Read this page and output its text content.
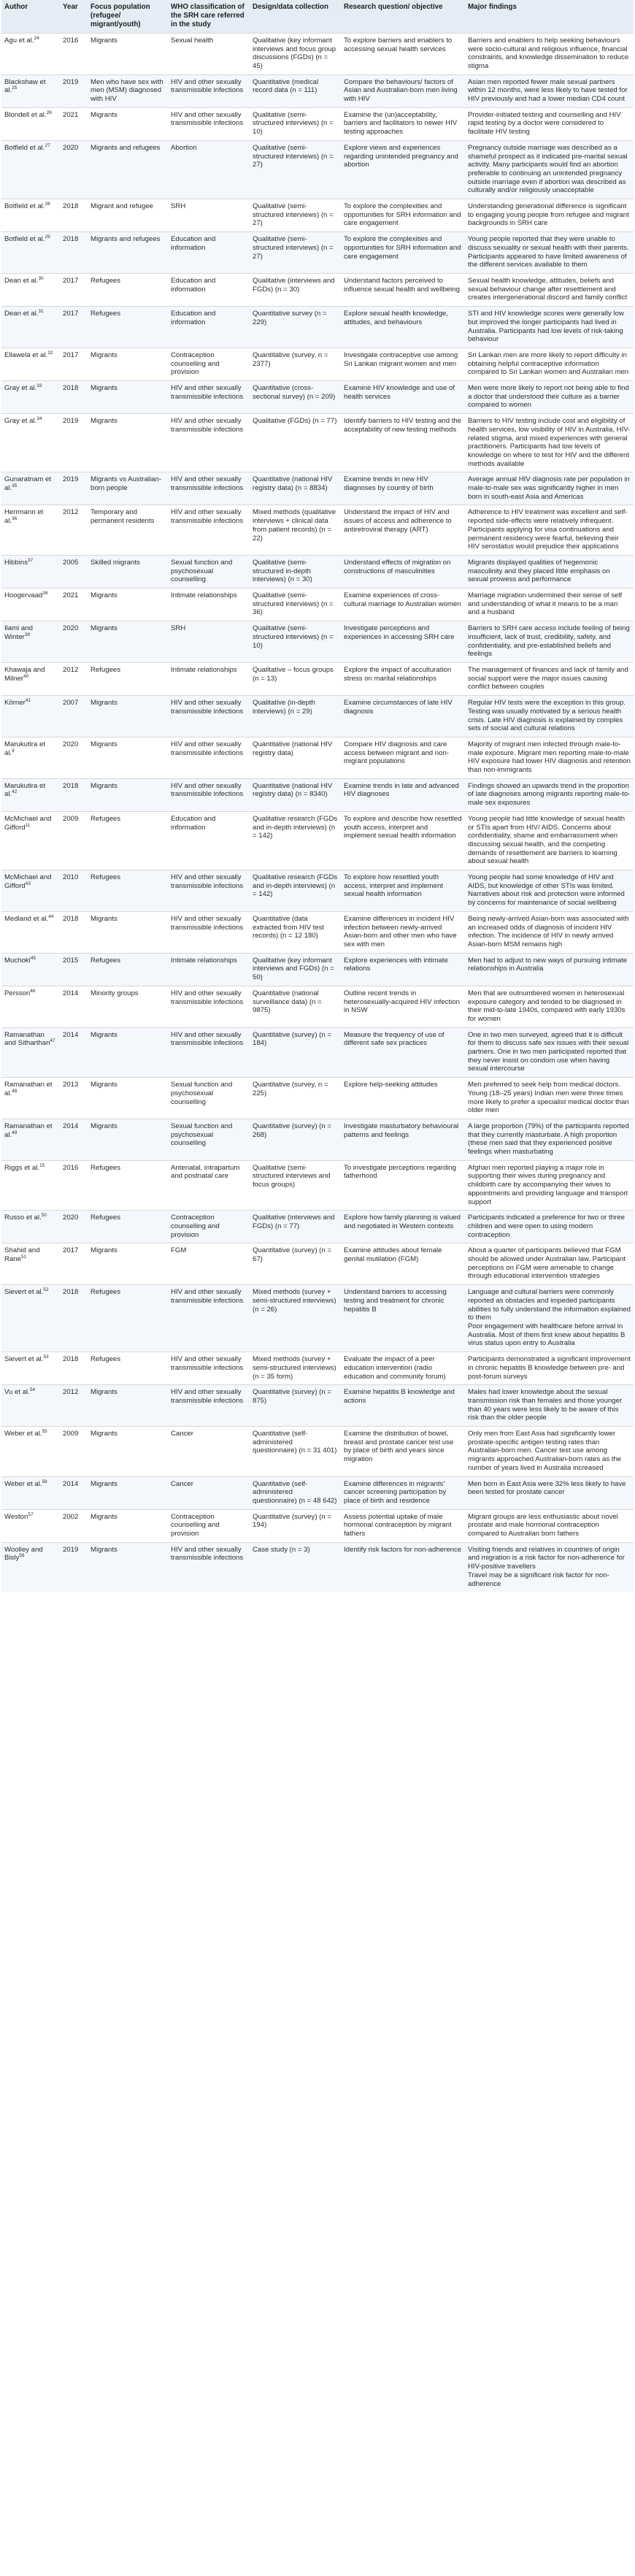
Author	Year	Focus population (refugee/ migrant/youth)	WHO classification of the SRH care referred in the study	Design/data collection	Research question/ objective	Major findings
Agu et al.$^{24}$	2016	Migrants	Sexual health	Qualitative (key informant interviews and focus group discussions (FGDs) (n = 45)	To explore barriers and enablers to accessing sexual health services	Barriers and enablers to help seeking behaviours were socio-cultural and religious influence, financial constraints, and knowledge dissemination to reduce stigma
Blackshaw et al.$^{25}$	2019	Men who have sex with men (MSM) diagnosed with HIV	HIV and other sexually transmissible infections	Quantitative (medical record data (n = 111)	Compare the behaviours/ factors of Asian and Australian-born men living with HIV	Asian men reported fewer male sexual partners within 12 months, were less likely to have tested for HIV previously and had a lower median CD4 count
Blondell et al.$^{26}$	2021	Migrants	HIV and other sexually transmissible infections	Qualitative (semi-structured interviews) (n = 10)	Examine the (un)acceptability, barriers and facilitators to newer HIV testing approaches	Provider-initiated testing and counselling and HIV rapid testing by a doctor were considered to facilitate HIV testing
Botfield et al.$^{27}$	2020	Migrants and refugees	Abortion	Qualitative (semi-structured interviews) (n = 27)	Explore views and experiences regarding unintended pregnancy and abortion	Pregnancy outside marriage was described as a shameful prospect as it indicated pre-marital sexual activity. Many participants would find an abortion preferable to continuing an unintended pregnancy outside marriage even if abortion was described as culturally and/or religiously unacceptable
Botfield et al.$^{28}$	2018	Migrant and refugee	SRH	Qualitative (semi-structured interviews) (n = 27)	To explore the complexities and opportunities for SRH information and care engagement	Understanding generational difference is significant to engaging young people from refugee and migrant backgrounds in SRH care
Botfield et al.$^{29}$	2018	Migrants and refugees	Education and information	Qualitative (semi-structured interviews) (n = 27)	To explore the complexities and opportunities for SRH information and care engagement	Young people reported that they were unable to discuss sexuality or sexual health with their parents. Participants appeared to have limited awareness of the different services available to them
Dean et al.$^{30}$	2017	Refugees	Education and information	Qualitative (interviews and FGDs) (n = 30)	Understand factors perceived to influence sexual health and wellbeing	Sexual health knowledge, attitudes, beliefs and sexual behaviour change after resettlement and creates intergenerational discord and family conflict
Dean et al.$^{31}$	2017	Refugees	Education and information	Quantitative survey (n = 229)	Explore sexual health knowledge, attitudes, and behaviours	STI and HIV knowledge scores were generally low but improved the longer participants had lived in Australia. Participants had low levels of risk-taking behaviour
Ellawela et al.$^{32}$	2017	Migrants	Contraception counselling and provision	Quantitative (survey, n = 2377)	Investigate contraceptive use among Sri Lankan migrant women and men	Sri Lankan men are more likely to report difficulty in obtaining helpful contraceptive information compared to Sri Lankan women and Australian men
Gray et al.$^{33}$	2018	Migrants	HIV and other sexually transmissible infections	Quantitative (cross-sectional survey) (n = 209)	Examine HIV knowledge and use of health services	Men were more likely to report not being able to find a doctor that understood their culture as a barrier compared to women
Gray et al.$^{34}$	2019	Migrants	HIV and other sexually transmissible infections	Qualitative (FGDs) (n = 77)	Identify barriers to HIV testing and the acceptability of new testing methods	Barriers to HIV testing include cost and eligibility of health services, low visibility of HIV in Australia, HIV-related stigma, and mixed experiences with general practitioners. Participants had low levels of knowledge on where to test for HIV and the different methods available
Gunaratnam et al.$^{35}$	2019	Migrants vs Australian-born people	HIV and other sexually transmissible infections	Quantitative (national HIV registry data) (n = 8834)	Examine trends in new HIV diagnoses by country of birth	Average annual HIV diagnosis rate per population in male-to-male sex was significantly higher in men born in south-east Asia and Americas
Herrmann et al.$^{36}$	2012	Temporary and permanent residents	HIV and other sexually transmissible infections	Mixed methods (qualitative interviews + clinical data from patient records) (n = 22)	Understand the impact of HIV and issues of access and adherence to antiretroviral therapy (ART)	Adherence to HIV treatment was excellent and self-reported side-effects were relatively infrequent. Participants applying for visa continuations and permanent residency were fearful, believing their HIV serostatus would prejudice their applications
Hibbins$^{37}$	2005	Skilled migrants	Sexual function and psychosexual counselling	Qualitative (semi-structured in-depth interviews) (n = 30)	Understand effects of migration on constructions of masculinities	Migrants displayed qualities of hegemonic masculinity and they placed little emphasis on sexual prowess and performance
Hoogervaad$^{38}$	2021	Migrants	Intimate relationships	Qualitative (semi-structured interviews) (n = 36)	Examine experiences of cross-cultural marriage to Australian women	Marriage migration undermined their sense of self and understanding of what it means to be a man and a husband
Ilami and Winter$^{39}$	2020	Migrants	SRH	Qualitative (semi-structured interviews) (n = 10)	Investigate perceptions and experiences in accessing SRH care	Barriers to SRH care access include feeling of being insufficient, lack of trust, credibility, safety, and confidentiality, and pre-established beliefs and feelings
Khawaja and Milner$^{40}$	2012	Refugees	Intimate relationships	Qualitative – focus groups (n = 13)	Explore the impact of acculturation stress on marital relationships	The management of finances and lack of family and social support were the major issues causing conflict between couples
Körner$^{41}$	2007	Migrants	HIV and other sexually transmissible infections	Qualitative (in-depth interviews) (n = 29)	Examine circumstances of late HIV diagnosis	Regular HIV tests were the exception in this group. Testing was usually motivated by a serious health crisis. Late HIV diagnosis is explained by complex sets of social and cultural relations
Marukutira et al.$^9$	2020	Migrants	HIV and other sexually transmissible infections	Quantitative (national HIV registry data)	Compare HIV diagnosis and care access between migrant and non-migrant populations	Majority of migrant men infected through male-to-male exposure. Migrant men reporting male-to-male HIV exposure had lower HIV diagnosis and retention than non-immigrants
Marukutira et al.$^{42}$	2018	Migrants	HIV and other sexually transmissible infections	Quantitative (national HIV registry data) (n = 8340)	Examine trends in late and advanced HIV diagnoses	Findings showed an upwards trend in the proportion of late diagnoses among migrants reporting male-to-male sex exposures
McMichael and Gifford$^{11}$	2009	Refugees	Education and information	Qualitative research (FGDs and in-depth interviews) (n = 142)	To explore and describe how resettled youth access, interpret and implement sexual health information	Young people had little knowledge of sexual health or STIs apart from HIV/ AIDS. Concerns about confidentiality, shame and embarrassment when discussing sexual health, and the competing demands of resettlement are barriers to learning about sexual health
McMichael and Gifford$^{43}$	2010	Refugees	HIV and other sexually transmissible infections	Qualitative research (FGDs and in-depth interviews) (n = 142)	To explore how resettled youth access, interpret and implement sexual health information	Young people had some knowledge of HIV and AIDS, but knowledge of other STIs was limited. Narratives about risk and protection were informed by concerns for maintenance of social wellbeing
Medland et al.$^{44}$	2018	Migrants	HIV and other sexually transmissible infections	Quantitative (data extracted from HIV test records) (n = 12 180)	Examine differences in incident HIV infection between newly-arrived Asian-born and other men who have sex with men	Being newly-arrived Asian-born was associated with an increased odds of diagnosis of incident HIV infection. The incidence of HIV in newly arrived Asian-born MSM remains high
Muchoki$^{45}$	2015	Refugees	Intimate relationships	Qualitative (key informant interviews and FGDs) (n = 50)	Explore experiences with intimate relations	Men had to adjust to new ways of pursuing intimate relationships in Australia
Persson$^{46}$	2014	Minority groups	HIV and other sexually transmissible infections	Quantitative (national surveillance data) (n = 9875)	Outline recent trends in heterosexually-acquired HIV infection in NSW	Men that are outnumbered women in heterosexual exposure category and tended to be diagnosed in their mid-to-late 1940s, compared with early 1930s for women
Ramanathan and Sitharthan$^{47}$	2014	Migrants	HIV and other sexually transmissible infections	Quantitative (survey) (n = 184)	Measure the frequency of use of different safe sex practices	One in two men surveyed, agreed that it is difficult for them to discuss safe sex issues with their sexual partners. One in two men participated reported that they never insist on condom use when having sexual intercourse
Ramanathan et al.$^{48}$	2013	Migrants	Sexual function and psychosexual counselling	Quantitative (survey, n = 225)	Explore help-seeking attitudes	Men preferred to seek help from medical doctors. Young (18–25 years) Indian men were three times more likely to prefer a specialist medical doctor than older men
Ramanathan et al.$^{49}$	2014	Migrants	Sexual function and psychosexual counselling	Quantitative (survey) (n = 268)	Investigate masturbatory behavioural patterns and feelings	A large proportion (79%) of the participants reported that they currently masturbate. A high proportion (these men said that they experienced positive feelings when masturbating
Riggs et al.$^{15}$	2016	Refugees	Antenatal, intrapartum and postnatal care	Qualitative (semi-structured interviews and focus groups)	To investigate perceptions regarding fatherhood	Afghan men reported playing a major role in supporting their wives during pregnancy and childbirth care by accompanying their wives to appointments and providing language and transport support
Russo et al.$^{50}$	2020	Refugees	Contraception counselling and provision	Qualitative (interviews and FGDs) (n = 77)	Explore how family planning is valued and negotiated in Western contexts	Participants indicated a preference for two or three children and were open to using modern contraception
Shahid and Rane$^{51}$	2017	Migrants	FGM	Quantitative (survey) (n = 67)	Examine attitudes about female genital mutilation (FGM)	About a quarter of participants believed that FGM should be allowed under Australian law. Participant perceptions on FGM were amenable to change through educational intervention strategies
Sievert et al.$^{52}$	2018	Refugees	HIV and other sexually transmissible infections	Mixed methods (survey + semi-structured interviews) (n = 26)	Understand barriers to accessing testing and treatment for chronic hepatitis B	Language and cultural barriers were commonly reported as obstacles and impeded participants abilities to fully understand the information explained to them
Poor engagement with healthcare before arrival in Australia. Most of them first knew about hepatitis B virus status upon entry to Australia
Sievert et al.$^{53}$	2018	Refugees	HIV and other sexually transmissible infections	Mixed methods (survey + semi-structured interviews) (n = 35 form)	Evaluate the impact of a peer education intervention (radio education and community forum)	Participants demonstrated a significant improvement in chronic hepatitis B knowledge between pre- and post-forum surveys
Vu et al.$^{54}$	2012	Migrants	HIV and other sexually transmissible infections	Quantitative (survey) (n = 875)	Examine hepatitis B knowledge and actions	Males had lower knowledge about the sexual transmission risk than females and those younger than 40 years were less likely to be aware of this risk than the older people
Weber et al.$^{55}$	2009	Migrants	Cancer	Quantitative (self-administered questionnaire) (n = 31 401)	Examine the distribution of bowel, breast and prostate cancer test use by place of birth and years since migration	Only men from East Asia had significantly lower prostate-specific antigen testing rates than Australian-born men. Cancer test use among migrants approached Australian-born rates as the number of years lived in Australia increased
Weber et al.$^{56}$	2014	Migrants	Cancer	Quantitative (self-administered questionnaire) (n = 48 642)	Examine differences in migrants' cancer screening participation by place of birth and residence	Men born in East Asia were 32% less likely to have been tested for prostate cancer
Weston$^{57}$	2002	Migrants	Contraception counselling and provision	Quantitative (survey) (n = 194)	Assess potential uptake of male hormonal contraception by migrant fathers	Migrant groups are less enthusiastic about novel prostate and male hormonal contraception compared to Australian born fathers
Woolley and Bisly$^{58}$	2019	Migrants	HIV and other sexually transmissible infections	Case study (n = 3)	Identify risk factors for non-adherence	Visiting friends and relatives in countries of origin and migration is a risk factor for non-adherence for HIV-positive travellers
Travel may be a significant risk factor for non-adherence
